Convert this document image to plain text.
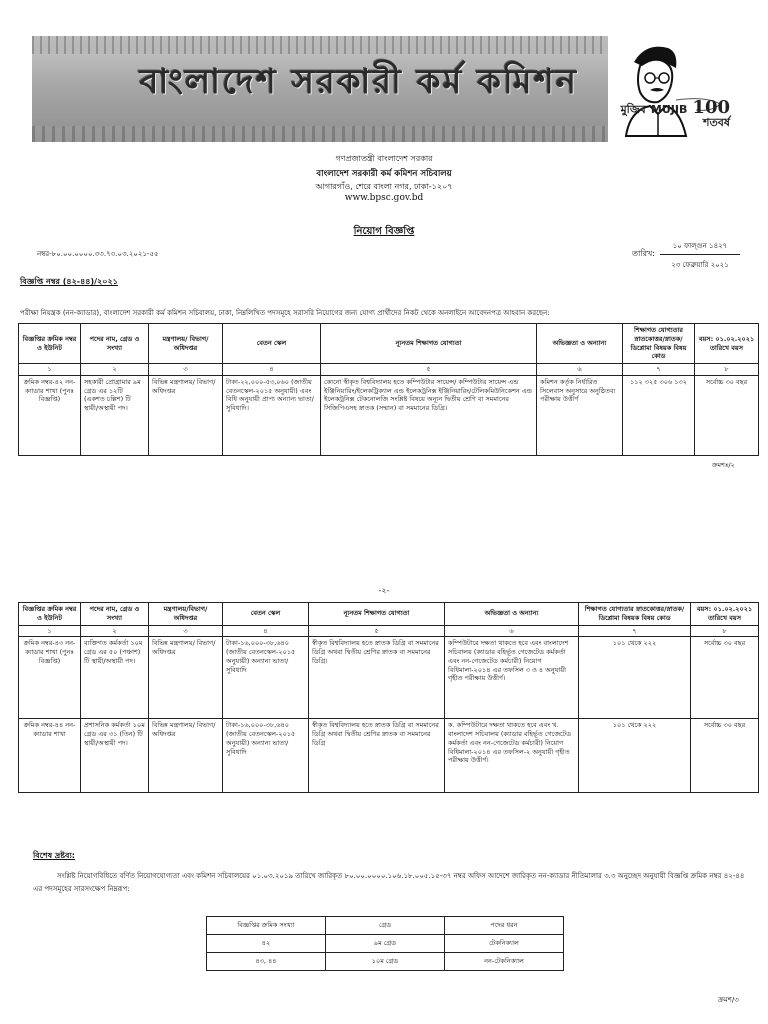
বাংলাদেশ সরকারী কর্ম কমিশন
মুজিব MUJIB 100
শতবর্ষ
গণপ্রজাতন্ত্রী বাংলাদেশ সরকার
বাংলাদেশ সরকারী কর্ম কমিশন সচিবালয়
আগারগাঁও, শেরে বাংলা নগর, ঢাকা-১২০৭
www.bpsc.gov.bd
নিয়োগ বিজ্ঞপ্তি
নম্বর-৮০.০০.০০০০.৩৩.৭৩.০৩.২০২১-৫৫	তারিখ:
১০ ফাল্গুন ১৪২৭
২৩ ফেব্রুয়ারি ২০২১
বিজ্ঞপ্তি নম্বর (৪২-৪৪)/২০২১
পরীক্ষা নিয়ন্ত্রক (নন-ক্যাডার), বাংলাদেশ সরকারী কর্ম কমিশন সচিবালয়, ঢাকা, নিম্নলিখিত পদসমূহে সরাসরি নিয়োগের জন্য যোগ্য প্রার্থীদের নিকট থেকে অনলাইনে আবেদনপত্র আহবান করছেন:
বিজ্ঞপ্তির ক্রমিক নম্বর ও ইউনিট	পদের নাম, গ্রেড ও সংখ্যা	মন্ত্রণালয়/ বিভাগ/ অধিদপ্তর	বেতন স্কেল	ন্যূনতম শিক্ষাগত যোগ্যতা	অভিজ্ঞতা ও অন্যান্য	শিক্ষাগত যোগ্যতার স্নাতকোত্তর/স্নাতক/ ডিপ্লোমা বিষয়ক বিষয় কোড	বয়স: ০১.০২.২০২১ তারিখে বয়স
১	২	৩	৪	৫	৬	৭	৮
ক্রমিক নম্বর-৪২ নন-ক্যাডার শাখা (পুনঃ বিজ্ঞপ্তি)	সহকারী প্রোগ্রামার ৯ম গ্রেড এর ১২টি (একশত চল্লিশ) টি স্থায়ী/অস্থায়ী পদ।	বিভিন্ন মন্ত্রণালয়/ বিভাগ/অধিদপ্তর	টাকা-২২,০০০-৫৩,০৬০ (জাতীয় বেতনস্কেল-২০১৫ অনুযায়ী) এবং বিধি অনুযায়ী প্রাপ্য অন্যান্য ভাতা/সুবিধাদি।	কোনো স্বীকৃত বিশ্ববিদ্যালয় হতে কম্পিউটার সায়েন্স/ কম্পিউটার সায়েন্স এন্ড ইঞ্জিনিয়ারিং/ইলেকট্রিক্যাল এন্ড ইলেকট্রনিক্স ইঞ্জিনিয়ারিং/টেলিকমিউনিকেশন এন্ড ইলেকট্রনিক্স টেকনোলজি সংশ্লিষ্ট বিষয়ে অন্যূন দ্বিতীয় শ্রেণি বা সমমানের সিজিপিএসহ স্নাতক (সম্মান) বা সমমানের ডিগ্রি।	কমিশন কর্তৃক নির্ধারিত সিলেবাস অনুসারে অনুষ্ঠিতব্য পরীক্ষায় উত্তীর্ণ	১১২ ৩২৫ ৩০৬ ১৩২	সর্বোচ্চ ৩০ বছর
ক্রমশঃ/২
-২-
বিজ্ঞপ্তির ক্রমিক নম্বর ও ইউনিট	পদের নাম, গ্রেড ও সংখ্যা	মন্ত্রণালয়/বিভাগ/ অধিদপ্তর	বেতন স্কেল	ন্যূনতম শিক্ষাগত যোগ্যতা	অভিজ্ঞতা ও অন্যান্য	শিক্ষাগত যোগ্যতার স্নাতকোত্তর/স্নাতক/ ডিপ্লোমা বিষয়ক বিষয় কোড	বয়স: ০১.০২.২০২১ তারিখে বয়স
১	২	৩	৪	৫	৬	৭	৮
ক্রমিক নম্বর-৪৩ নন-ক্যাডার শাখা (পুনঃ বিজ্ঞপ্তি)	ব্যক্তিগত কর্মকর্তা ১০ম গ্রেড এর ৫০ (পঞ্চাশ) টি স্থায়ী/অস্থায়ী পদ।	বিভিন্ন মন্ত্রণালয়/ বিভাগ/অধিদপ্তর	টাকা-১৬,০০০-৩৮,৬৪০ (জাতীয় বেতনস্কেল-২০১৫ অনুযায়ী) অন্যান্য ভাতা/সুবিধাদি	স্বীকৃত বিশ্ববিদ্যালয় হতে স্নাতক ডিগ্রি বা সমমানের ডিগ্রি অথবা দ্বিতীয় শ্রেণির স্নাতক বা সমমানের ডিগ্রি।	কম্পিউটারে দক্ষতা থাকতে হবে এবং বাংলাদেশ সচিবালয় (ক্যাডার বহির্ভূত গেজেটেড কর্মকর্তা এবং নন-গেজেটেড কর্মচারী) নিয়োগ বিধিমালা-২০১৪ এর তফসিল ৩ ও ৪ অনুযায়ী গৃহীত পরীক্ষায় উত্তীর্ণ।	১০১ থেকে ২২২	সর্বোচ্চ ৩০ বছর
ক্রমিক নম্বর-৪৪ নন-ক্যাডার শাখা	প্রশাসনিক কর্মকর্তা ১০ম গ্রেড এর ৩১ (তিন) টি স্থায়ী/অস্থায়ী পদ।	বিভিন্ন মন্ত্রণালয়/ বিভাগ/অধিদপ্তর	টাকা-১৬,০০০-৩৮,৬৪০ (জাতীয় বেতনস্কেল-২০১৫ অনুযায়ী) অন্যান্য ভাতা/সুবিধাদি	স্বীকৃত বিশ্ববিদ্যালয় হতে স্নাতক ডিগ্রি বা সমমানের ডিগ্রি অথবা দ্বিতীয় শ্রেণির স্নাতক বা সমমানের ডিগ্রি	ক. কম্পিউটারে দক্ষতা থাকতে হবে এবং খ. বাংলাদেশ সচিবালয় (ক্যাডার বহির্ভূত গেজেটেড কর্মকর্তা এবং নন-গেজেটেড কর্মচারী) নিয়োগ বিধিমালা-২০১৪ এর তফসিল-২ অনুযায়ী গৃহীত পরীক্ষায় উত্তীর্ণ।	১০১ থেকে ২২২	সর্বোচ্চ ৩০ বছর
বিশেষ দ্রষ্টব্য:
সংশ্লিষ্ট নিয়োগবিধিতে বর্ণিত নিয়োগযোগ্যতা এবং কমিশন সচিবালয়ের ০১.০৩.২০১৯ তারিখে জারিকৃত ৮০.০০.০০০০.১০৬.১৮.০০৫.১৫-৩৭ নম্বর অফিস আদেশে জারিকৃত নন-ক্যাডার নীতিমালার ৩.৩ অনুচ্ছেদ অনুযায়ী বিজ্ঞপ্তি ক্রমিক নম্বর ৪২-৪৪ এর পদসমূহের সারসংক্ষেপ নিম্নরূপ:
বিজ্ঞপ্তির ক্রমিক সংখ্যা	গ্রেড	পদের ধরন
৪২	৯ম গ্রেড	টেকনিক্যাল
৪৩, ৪৪	১০ম গ্রেড	নন-টেকনিক্যাল
ক্রমশ/৩
